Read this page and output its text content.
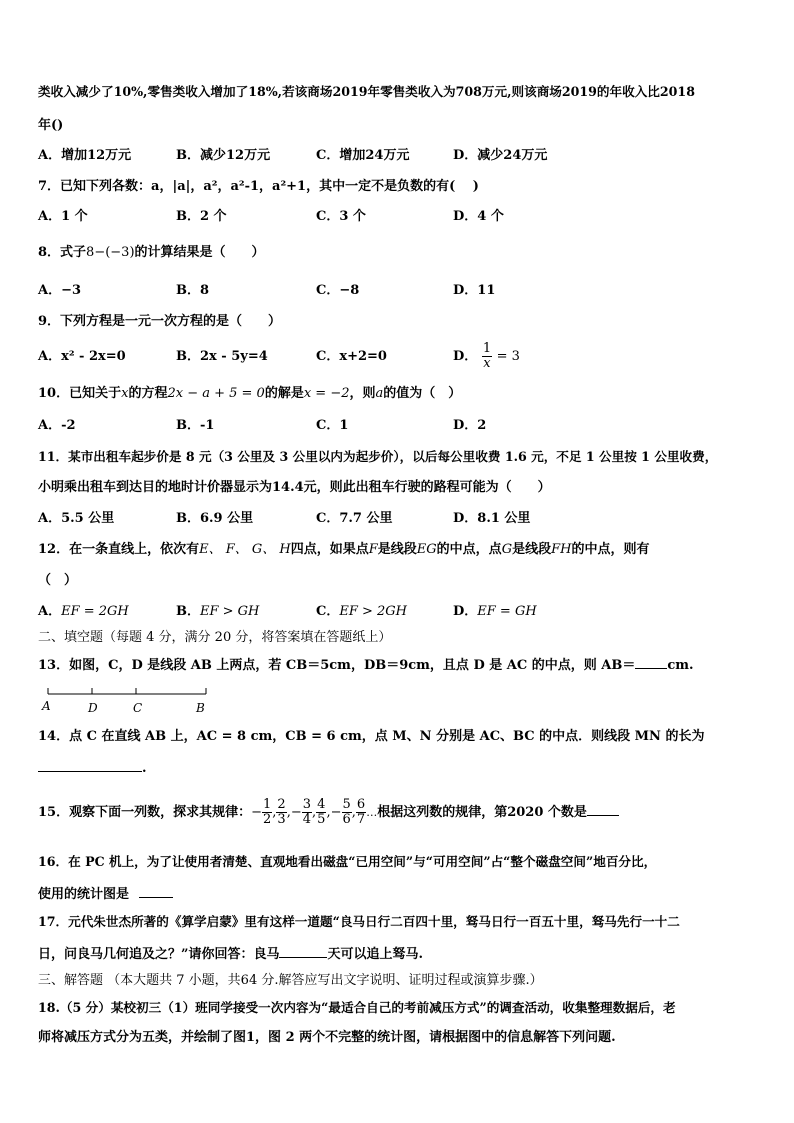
类收入减少了10%,零售类收入增加了18%,若该商场2019年零售类收入为708万元,则该商场2019的年收入比2018
年()
A．增加12万元	B．减少12万元	C．增加24万元	D．减少24万元
7．已知下列各数：a，|a|，a²，a²-1，a²+1，其中一定不是负数的有(　 )
A．1 个	B．2 个	C．3 个	D．4 个
8．式子8−(−3)的计算结果是（　　）
A．−3	B．8	C．−8	D．11
9．下列方程是一元一次方程的是（　　）
A．x² - 2x=0	B．2x - 5y=4	C．x+2=0	D． $\frac{1}{x} = 3$
10．已知关于x的方程2x − a + 5 = 0的解是x = −2，则a的值为（　）
A．-2	B．-1	C．1	D．2
11．某市出租车起步价是 8 元（3 公里及 3 公里以内为起步价），以后每公里收费 1.6 元，不足 1 公里按 1 公里收费，
小明乘出租车到达目的地时计价器显示为14.4元，则此出租车行驶的路程可能为（　　）
A．5.5 公里	B．6.9 公里	C．7.7 公里	D．8.1 公里
12．在一条直线上，依次有E、 F、 G、 H四点，如果点F是线段EG的中点，点G是线段FH的中点，则有
（　）
A．EF = 2GH	B．EF > GH	C．EF > 2GH	D．EF = GH
二、填空题（每题 4 分，满分 20 分，将答案填在答题纸上）
13．如图，C，D 是线段 AB 上两点，若 CB＝5cm，DB＝9cm，且点 D 是 AC 的中点，则 AB＝ cm.
A	D	C	B
14．点 C 在直线 AB 上，AC = 8 cm，CB = 6 cm，点 M、N 分别是 AC、BC 的中点．则线段 MN 的长为
.
15．观察下面一列数，探求其规律：− $\frac{1}{2}$ , $\frac{2}{3}$ ,− $\frac{3}{4}$ , $\frac{4}{5}$ ,− $\frac{5}{6}$ , $\frac{6}{7}$ …根据这列数的规律，第2020 个数是
16．在 PC 机上，为了让使用者清楚、直观地看出磁盘“已用空间”与“可用空间”占“整个磁盘空间”地百分比，
使用的统计图是
17．元代朱世杰所著的《算学启蒙》里有这样一道题“良马日行二百四十里，驽马日行一百五十里，驽马先行一十二
日，问良马几何追及之？”请你回答：良马	天可以追上驽马.
三、解答题 （本大题共 7 小题，共64 分.解答应写出文字说明、证明过程或演算步骤.）
18.（5 分）某校初三（1）班同学接受一次内容为“最适合自己的考前减压方式”的调查活动，收集整理数据后，老
师将减压方式分为五类，并绘制了图1，图 2 两个不完整的统计图，请根据图中的信息解答下列问题.
